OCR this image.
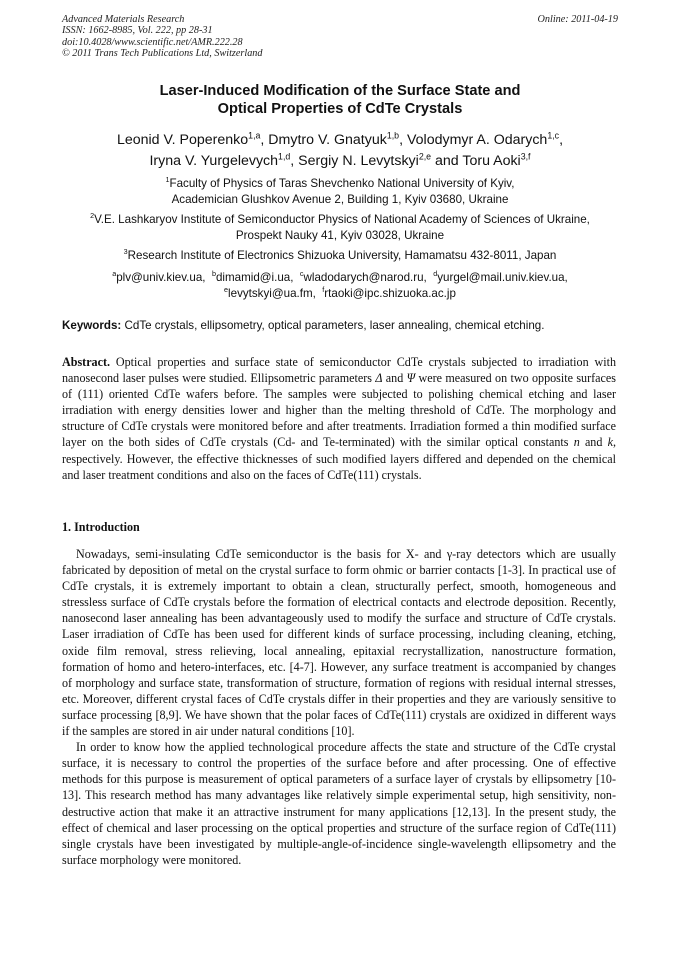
Advanced Materials Research
ISSN: 1662-8985, Vol. 222, pp 28-31
doi:10.4028/www.scientific.net/AMR.222.28
© 2011 Trans Tech Publications Ltd, Switzerland
Online: 2011-04-19
Laser-Induced Modification of the Surface State and
Optical Properties of CdTe Crystals
Leonid V. Poperenko$^{1,a}$, Dmytro V. Gnatyuk$^{1,b}$, Volodymyr A. Odarych$^{1,c}$,
Iryna V. Yurgelevych$^{1,d}$, Sergiy N. Levytskyi$^{2,e}$ and Toru Aoki$^{3,f}$
$^1$Faculty of Physics of Taras Shevchenko National University of Kyiv,
Academician Glushkov Avenue 2, Building 1, Kyiv 03680, Ukraine
$^2$V.E. Lashkaryov Institute of Semiconductor Physics of National Academy of Sciences of Ukraine,
Prospekt Nauky 41, Kyiv 03028, Ukraine
$^3$Research Institute of Electronics Shizuoka University, Hamamatsu 432-8011, Japan
$^a$plv@univ.kiev.ua, $^b$dimamid@i.ua, $^c$wladodarych@narod.ru, $^d$yurgel@mail.univ.kiev.ua,
$^e$levytskyi@ua.fm, $^f$rtaoki@ipc.shizuoka.ac.jp
Keywords: CdTe crystals, ellipsometry, optical parameters, laser annealing, chemical etching.
Abstract. Optical properties and surface state of semiconductor CdTe crystals subjected to irradiation with nanosecond laser pulses were studied. Ellipsometric parameters Δ and Ψ were measured on two opposite surfaces of (111) oriented CdTe wafers before. The samples were subjected to polishing chemical etching and laser irradiation with energy densities lower and higher than the melting threshold of CdTe. The morphology and structure of CdTe crystals were monitored before and after treatments. Irradiation formed a thin modified surface layer on the both sides of CdTe crystals (Cd- and Te-terminated) with the similar optical constants n and k, respectively. However, the effective thicknesses of such modified layers differed and depended on the chemical and laser treatment conditions and also on the faces of CdTe(111) crystals.
1. Introduction
Nowadays, semi-insulating CdTe semiconductor is the basis for X- and γ-ray detectors which are usually fabricated by deposition of metal on the crystal surface to form ohmic or barrier contacts [1-3]. In practical use of CdTe crystals, it is extremely important to obtain a clean, structurally perfect, smooth, homogeneous and stressless surface of CdTe crystals before the formation of electrical contacts and electrode deposition. Recently, nanosecond laser annealing has been advantageously used to modify the surface and structure of CdTe crystals. Laser irradiation of CdTe has been used for different kinds of surface processing, including cleaning, etching, oxide film removal, stress relieving, local annealing, epitaxial recrystallization, nanostructure formation, formation of homo and hetero-interfaces, etc. [4-7]. However, any surface treatment is accompanied by changes of morphology and surface state, transformation of structure, formation of regions with residual internal stresses, etc. Moreover, different crystal faces of CdTe crystals differ in their properties and they are variously sensitive to surface processing [8,9]. We have shown that the polar faces of CdTe(111) crystals are oxidized in different ways if the samples are stored in air under natural conditions [10].
In order to know how the applied technological procedure affects the state and structure of the CdTe crystal surface, it is necessary to control the properties of the surface before and after processing. One of effective methods for this purpose is measurement of optical parameters of a surface layer of crystals by ellipsometry [10-13]. This research method has many advantages like relatively simple experimental setup, high sensitivity, non-destructive action that make it an attractive instrument for many applications [12,13]. In the present study, the effect of chemical and laser processing on the optical properties and structure of the surface region of CdTe(111) single crystals have been investigated by multiple-angle-of-incidence single-wavelength ellipsometry and the surface morphology were monitored.
